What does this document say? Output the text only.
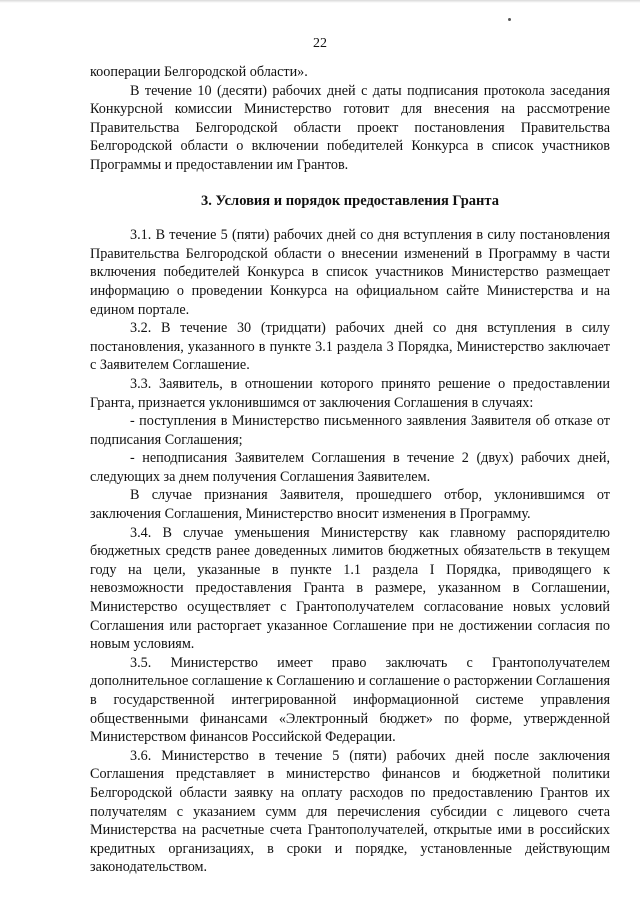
22

кооперации Белгородской области».

В течение 10 (десяти) рабочих дней с даты подписания протокола заседания Конкурсной комиссии Министерство готовит для внесения на рассмотрение Правительства Белгородской области проект постановления Правительства Белгородской области о включении победителей Конкурса в список участников Программы и предоставлении им Грантов.

3. Условия и порядок предоставления Гранта

3.1. В течение 5 (пяти) рабочих дней со дня вступления в силу постановления Правительства Белгородской области о внесении изменений в Программу в части включения победителей Конкурса в список участников Министерство размещает информацию о проведении Конкурса на официальном сайте Министерства и на едином портале.

3.2. В течение 30 (тридцати) рабочих дней со дня вступления в силу постановления, указанного в пункте 3.1 раздела 3 Порядка, Министерство заключает с Заявителем Соглашение.

3.3. Заявитель, в отношении которого принято решение о предоставлении Гранта, признается уклонившимся от заключения Соглашения в случаях:

- поступления в Министерство письменного заявления Заявителя об отказе от подписания Соглашения;

- неподписания Заявителем Соглашения в течение 2 (двух) рабочих дней, следующих за днем получения Соглашения Заявителем.

В случае признания Заявителя, прошедшего отбор, уклонившимся от заключения Соглашения, Министерство вносит изменения в Программу.

3.4. В случае уменьшения Министерству как главному распорядителю бюджетных средств ранее доведенных лимитов бюджетных обязательств в текущем году на цели, указанные в пункте 1.1 раздела I Порядка, приводящего к невозможности предоставления Гранта в размере, указанном в Соглашении, Министерство осуществляет с Грантополучателем согласование новых условий Соглашения или расторгает указанное Соглашение при не достижении согласия по новым условиям.

3.5. Министерство имеет право заключать с Грантополучателем дополнительное соглашение к Соглашению и соглашение о расторжении Соглашения в государственной интегрированной информационной системе управления общественными финансами «Электронный бюджет» по форме, утвержденной Министерством финансов Российской Федерации.

3.6. Министерство в течение 5 (пяти) рабочих дней после заключения Соглашения представляет в министерство финансов и бюджетной политики Белгородской области заявку на оплату расходов по предоставлению Грантов их получателям с указанием сумм для перечисления субсидии с лицевого счета Министерства на расчетные счета Грантополучателей, открытые ими в российских кредитных организациях, в сроки и порядке, установленные действующим законодательством.
